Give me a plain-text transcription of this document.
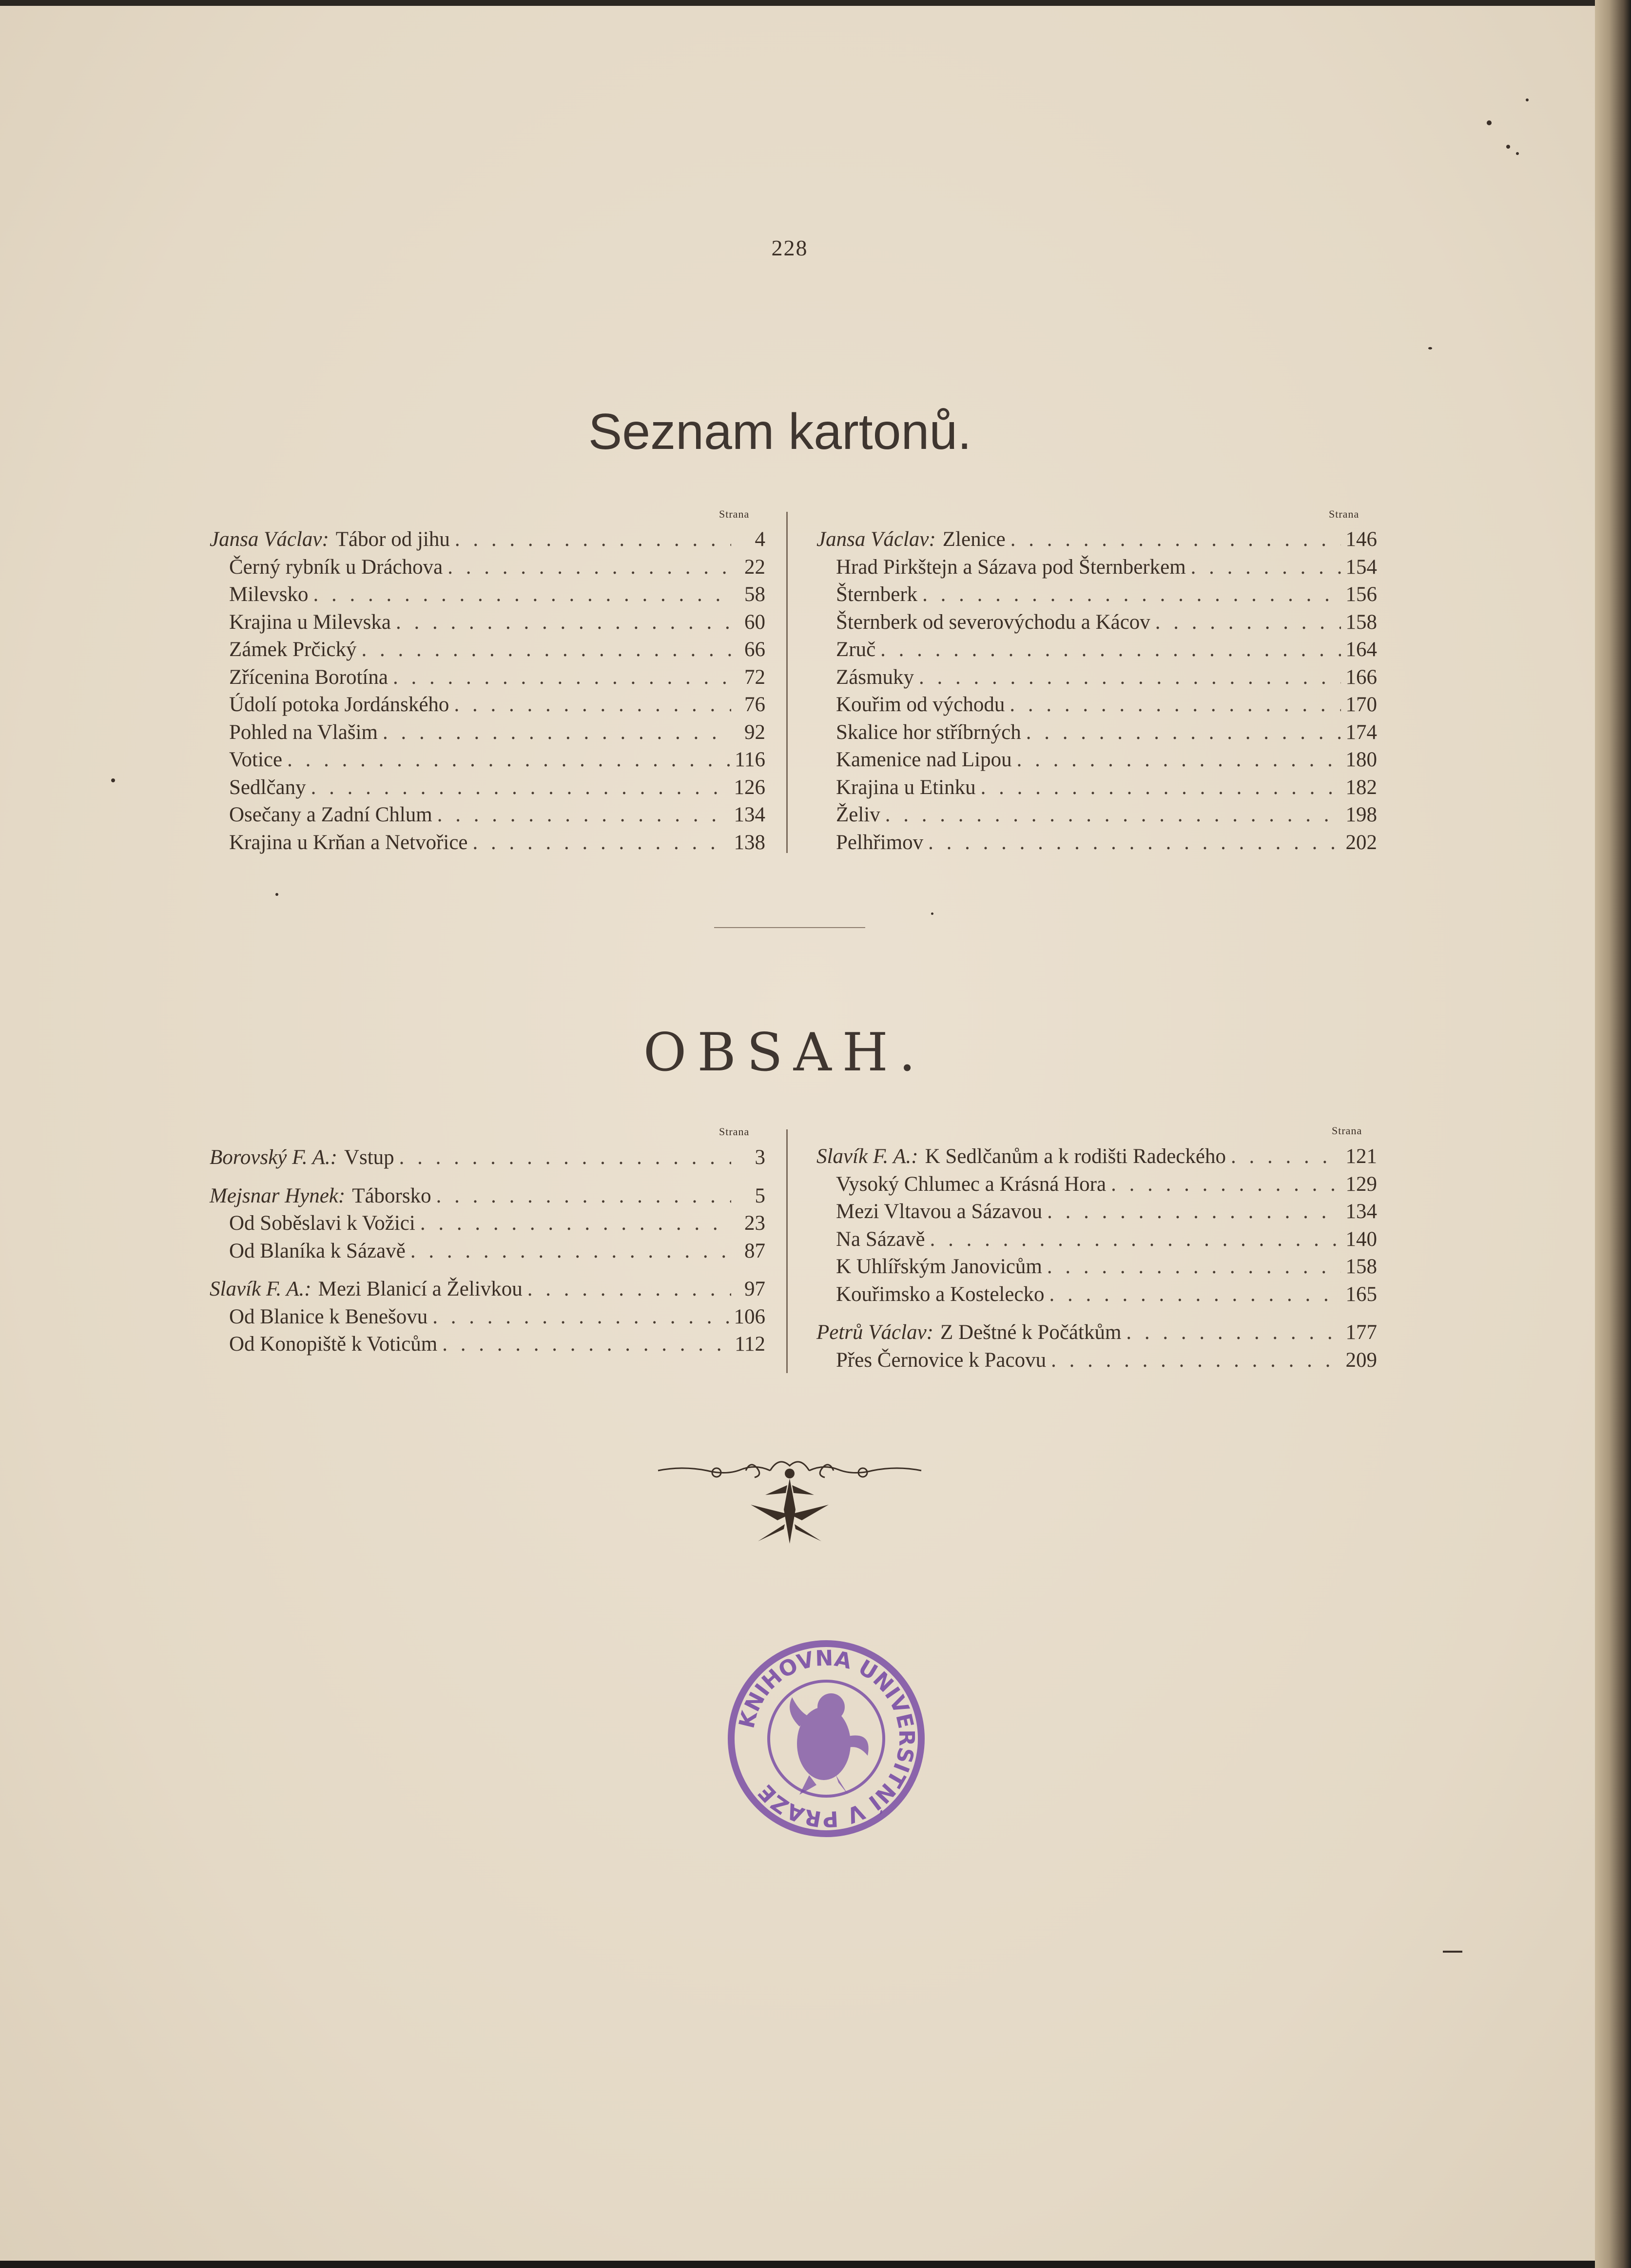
228
Seznam kartonů.
Strana
Jansa Václav: Tábor od jihu . . .	4
Černý rybník u Dráchova . . .	22
Milevsko . . .	58
Krajina u Milevska . . .	60
Zámek Prčický . . .	66
Zřícenina Borotína . . .	72
Údolí potoka Jordánského . . .	76
Pohled na Vlašim . . .	92
Votice . . .	116
Sedlčany . . .	126
Osečany a Zadní Chlum . . .	134
Krajina u Krňan a Netvořice . . .	138
Strana
Jansa Václav: Zlenice . . .	146
Hrad Pirkštejn a Sázava pod Šternberkem . . .	154
Šternberk . . .	156
Šternberk od severovýchodu a Kácov . . .	158
Zruč . . .	164
Zásmuky . . .	166
Kouřim od východu . . .	170
Skalice hor stříbrných . . .	174
Kamenice nad Lipou . . .	180
Krajina u Etinku . . .	182
Želiv . . .	198
Pelhřimov . . .	202
OBSAH.
Strana
Borovský F. A.: Vstup . . .	3
Mejsnar Hynek: Táborsko . . .	5
Od Soběslavi k Vožici . . .	23
Od Blaníka k Sázavě . . .	87
Slavík F. A.: Mezi Blanicí a Želivkou . . .	97
Od Blanice k Benešovu . . .	106
Od Konopiště k Voticům . . .	112
Strana
Slavík F. A.: K Sedlčanům a k rodišti Radeckého . . .	121
Vysoký Chlumec a Krásná Hora . . .	129
Mezi Vltavou a Sázavou . . .	134
Na Sázavě . . .	140
K Uhlířským Janovicům . . .	158
Kouřimsko a Kostelecko . . .	165
Petrů Václav: Z Deštné k Počátkům . . .	177
Přes Černovice k Pacovu . . .	209
KNIHOVNA UNIVERSITNÍ V PRAZE
